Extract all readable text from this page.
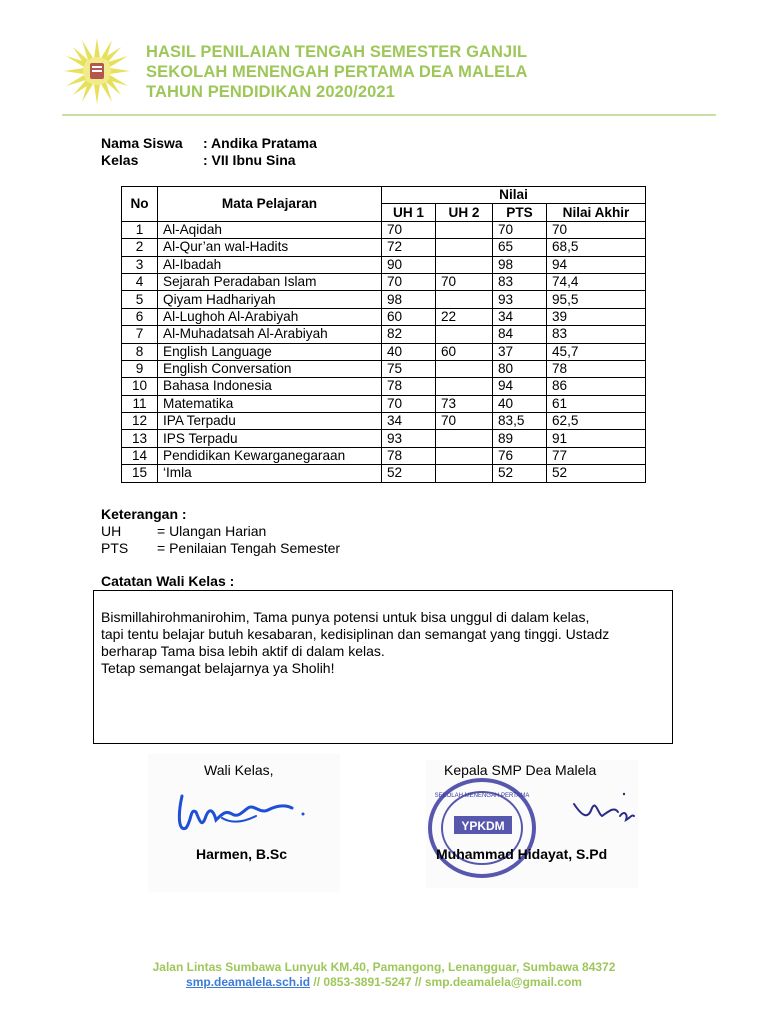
HASIL PENILAIAN TENGAH SEMESTER GANJIL
SEKOLAH MENENGAH PERTAMA DEA MALELA
TAHUN PENDIDIKAN 2020/2021
Nama Siswa	: Andika Pratama
Kelas	: VII Ibnu Sina
No	Mata Pelajaran	Nilai			
		UH 1	UH 2	PTS	Nilai Akhir
1	Al-Aqidah	70		70	70
2	Al-Qur’an wal-Hadits	72		65	68,5
3	Al-Ibadah	90		98	94
4	Sejarah Peradaban Islam	70	70	83	74,4
5	Qiyam Hadhariyah	98		93	95,5
6	Al-Lughoh Al-Arabiyah	60	22	34	39
7	Al-Muhadatsah Al-Arabiyah	82		84	83
8	English Language	40	60	37	45,7
9	English Conversation	75		80	78
10	Bahasa Indonesia	78		94	86
11	Matematika	70	73	40	61
12	IPA Terpadu	34	70	83,5	62,5
13	IPS Terpadu	93		89	91
14	Pendidikan Kewarganegaraan	78		76	77
15	‘Imla	52		52	52
Keterangan :
UH	= Ulangan Harian
PTS	= Penilaian Tengah Semester
Catatan Wali Kelas :
Bismillahirohmanirohim, Tama punya potensi untuk bisa unggul di dalam kelas,
tapi tentu belajar butuh kesabaran, kedisiplinan dan semangat yang tinggi. Ustadz
berharap Tama bisa lebih aktif di dalam kelas.
Tetap semangat belajarnya ya Sholih!
Wali Kelas,
Harmen, B.Sc
Kepala SMP Dea Malela
YPKDM
SEKOLAH MENENGAH PERTAMA
Muhammad Hidayat, S.Pd
Jalan Lintas Sumbawa Lunyuk KM.40, Pamangong, Lenangguar, Sumbawa 84372
smp.deamalela.sch.id // 0853-3891-5247 // smp.deamalela@gmail.com
